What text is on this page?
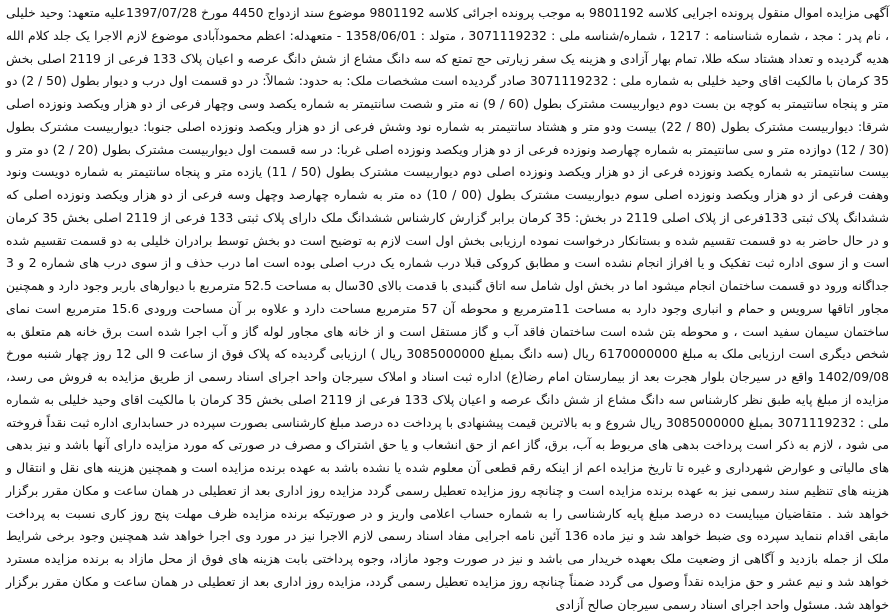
آگهی مزایده اموال منقول پرونده اجرایی کلاسه 9801192 به موجب پرونده اجرائی کلاسه 9801192 موضوع سند ازدواج 4450 مورخ 1397/07/28علیه متعهد: وحید خلیلی ، نام پدر : مجد ، شماره شناسنامه : 1217 ، شماره/شناسه ملی : 3071119232 ، متولد : 1358/06/01 - متعهدله: اعظم محمودآبادی موضوع لازم الاجرا یک جلد کلام الله هدیه گردیده و تعداد هشتاد سکه طلا، تمام بهار آزادی و هزینه یک سفر زیارتی حج تمتع که سه دانگ مشاع از شش دانگ عرصه و اعیان پلاک 133 فرعی از 2119 اصلی بخش 35 کرمان با مالکیت اقای وحید خلیلی به شماره ملی : 3071119232 صادر گردیده است مشخصات ملک: به حدود: شمالاً: در دو قسمت اول درب و دیوار بطول (50 / 2) دو متر و پنجاه سانتیمتر به کوچه بن بست دوم دیواربیست مشترک بطول (60 / 9) نه متر و شصت سانتیمتر به شماره یکصد وسی وچهار فرعی از دو هزار ویکصد ونوزده اصلی شرقا: دیواربیست مشترک بطول (80 / 22) بیست ودو متر و هشتاد سانتیمتر به شماره نود وشش فرعی از دو هزار ویکصد ونوزده اصلی جنوبا: دیواربیست مشترک بطول (30 / 12) دوازده متر و سی سانتیمتر به شماره چهارصد ونوزده فرعی از دو هزار ویکصد ونوزده اصلی غربا: در سه قسمت اول دیواربیست مشترک بطول (20 / 2) دو متر و بیست سانتیمتر به شماره یکصد ونوزده فرعی از دو هزار ویکصد ونوزده اصلی دوم دیواربیست مشترک بطول (50 / 11) یازده متر و پنجاه سانتیمتر به شماره دویست ونود وهفت فرعی از دو هزار ویکصد ونوزده اصلی سوم دیواربیست مشترک بطول (00 / 10) ده متر به شماره چهارصد وچهل وسه فرعی از دو هزار ویکصد ونوزده اصلی که ششدانگ پلاک ثبتی 133فرعی از پلاک اصلی 2119 در بخش: 35 کرمان برابر گزارش کارشناس ششدانگ ملک دارای پلاک ثبتی 133 فرعی از 2119 اصلی بخش 35 کرمان و در حال حاضر به دو قسمت تقسیم شده و بستانکار درخواست نموده ارزیابی بخش اول است لازم به توضیح است دو بخش توسط برادران خلیلی به دو قسمت تقسیم شده است و از سوی اداره ثبت تفکیک و یا افراز انجام نشده است و مطابق کروکی قبلا درب شماره یک درب اصلی بوده است اما درب حذف و از سوی درب های شماره 2 و 3 جداگانه ورود دو قسمت ساختمان انجام میشود اما در بخش اول شامل سه اتاق گنبدی با قدمت بالای 30سال به مساحت 52.5 مترمربع با دیوارهای باربر وجود دارد و همچنین مجاور اتاقها سرویس و حمام و انباری وجود دارد به مساحت 11مترمربع و محوطه آن 57 مترمربع مساحت دارد و علاوه بر آن مساحت ورودی 15.6 مترمربع است نمای ساختمان سیمان سفید است ، و محوطه بتن شده است ساختمان فاقد آب و گاز مستقل است و از خانه های مجاور لوله گاز و آب اجرا شده است برق خانه هم متعلق به شخص دیگری است ارزیابی ملک به مبلغ 6170000000 ریال (سه دانگ بمبلغ 3085000000 ریال ) ارزیابی گردیده که پلاک فوق از ساعت 9 الی 12 روز چهار شنبه مورخ 1402/09/08 واقع در سیرجان بلوار هجرت بعد از بیمارستان امام رضا(ع) اداره ثبت اسناد و املاک سیرجان واحد اجرای اسناد رسمی از طریق مزایده به فروش می رسد، مزایده از مبلغ پایه طبق نظر کارشناس سه دانگ مشاع از شش دانگ عرصه و اعیان پلاک 133 فرعی از 2119 اصلی بخش 35 کرمان با مالکیت اقای وحید خلیلی به شماره ملی : 3071119232 بمبلغ 3085000000 ریال شروع و به بالاترین قیمت پیشنهادی با پرداخت ده درصد مبلغ کارشناسی بصورت سپرده در حسابداری اداره ثبت نقداً فروخته می شود ، لازم به ذکر است پرداخت بدهی های مربوط به آب، برق، گاز اعم از حق انشعاب و یا حق اشتراک و مصرف در صورتی که مورد مزایده دارای آنها باشد و نیز بدهی های مالیاتی و عوارض شهرداری و غیره تا تاریخ مزایده اعم از اینکه رقم قطعی آن معلوم شده یا نشده باشد به عهده برنده مزایده است و همچنین هزینه های نقل و انتقال و هزینه های تنظیم سند رسمی نیز به عهده برنده مزایده است و چنانچه روز مزایده تعطیل رسمی گردد مزایده روز اداری بعد از تعطیلی در همان ساعت و مکان مقرر برگزار خواهد شد . متقاضیان میبایست ده درصد مبلغ پایه کارشناسی را به شماره حساب اعلامی واریز و در صورتیکه برنده مزایده ظرف مهلت پنج روز کاری نسبت به پرداخت مابقی اقدام ننماید سپرده وی ضبط خواهد شد و نیز ماده 136 آئین نامه اجرایی مفاد اسناد رسمی لازم الاجرا نیز در مورد وی اجرا خواهد شد همچنین وجود برخی شرایط ملک از جمله بازدید و آگاهی از وضعیت ملک بعهده خریدار می باشد و نیز در صورت وجود مازاد، وجوه پرداختی بابت هزینه های فوق از محل مازاد به برنده مزایده مسترد خواهد شد و نیم عشر و حق مزایده نقداً وصول می گردد ضمناً چنانچه روز مزایده تعطیل رسمی گردد، مزایده روز اداری بعد از تعطیلی در همان ساعت و مکان مقرر برگزار خواهد شد. مسئول واحد اجرای اسناد رسمی سیرجان صالح آزادی
